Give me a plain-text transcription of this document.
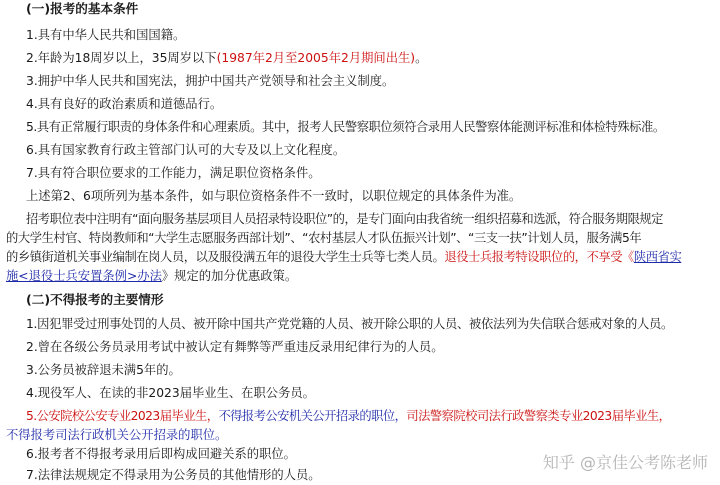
(一)报考的基本条件
1.具有中华人民共和国国籍。
2.年龄为18周岁以上，35周岁以下(1987年2月至2005年2月期间出生)。
3.拥护中华人民共和国宪法，拥护中国共产党领导和社会主义制度。
4.具有良好的政治素质和道德品行。
5.具有正常履行职责的身体条件和心理素质。其中，报考人民警察职位须符合录用人民警察体能测评标准和体检特殊标准。
6.具有国家教育行政主管部门认可的大专及以上文化程度。
7.具有符合职位要求的工作能力，满足职位资格条件。
上述第2、6项所列为基本条件，如与职位资格条件不一致时，以职位规定的具体条件为准。
招考职位表中注明有“面向服务基层项目人员招录特设职位”的，是专门面向由我省统一组织招募和选派，符合服务期限规定
的大学生村官、特岗教师和“大学生志愿服务西部计划”、“农村基层人才队伍振兴计划”、“三支一扶”计划人员，服务满5年
的乡镇街道机关事业编制在岗人员，以及服役满五年的退役大学生士兵等七类人员。退役士兵报考特设职位的，不享受《陕西省实
施<退役士兵安置条例>办法》规定的加分优惠政策。
(二)不得报考的主要情形
1.因犯罪受过刑事处罚的人员、被开除中国共产党党籍的人员、被开除公职的人员、被依法列为失信联合惩戒对象的人员。
2.曾在各级公务员录用考试中被认定有舞弊等严重违反录用纪律行为的人员。
3.公务员被辞退未满5年的。
4.现役军人、在读的非2023届毕业生、在职公务员。
5.公安院校公安专业2023届毕业生，不得报考公安机关公开招录的职位，司法警察院校司法行政警察类专业2023届毕业生，
不得报考司法行政机关公开招录的职位。
6.报考者不得报考录用后即构成回避关系的职位。
7.法律法规规定不得录用为公务员的其他情形的人员。
知乎 @京佳公考陈老师
